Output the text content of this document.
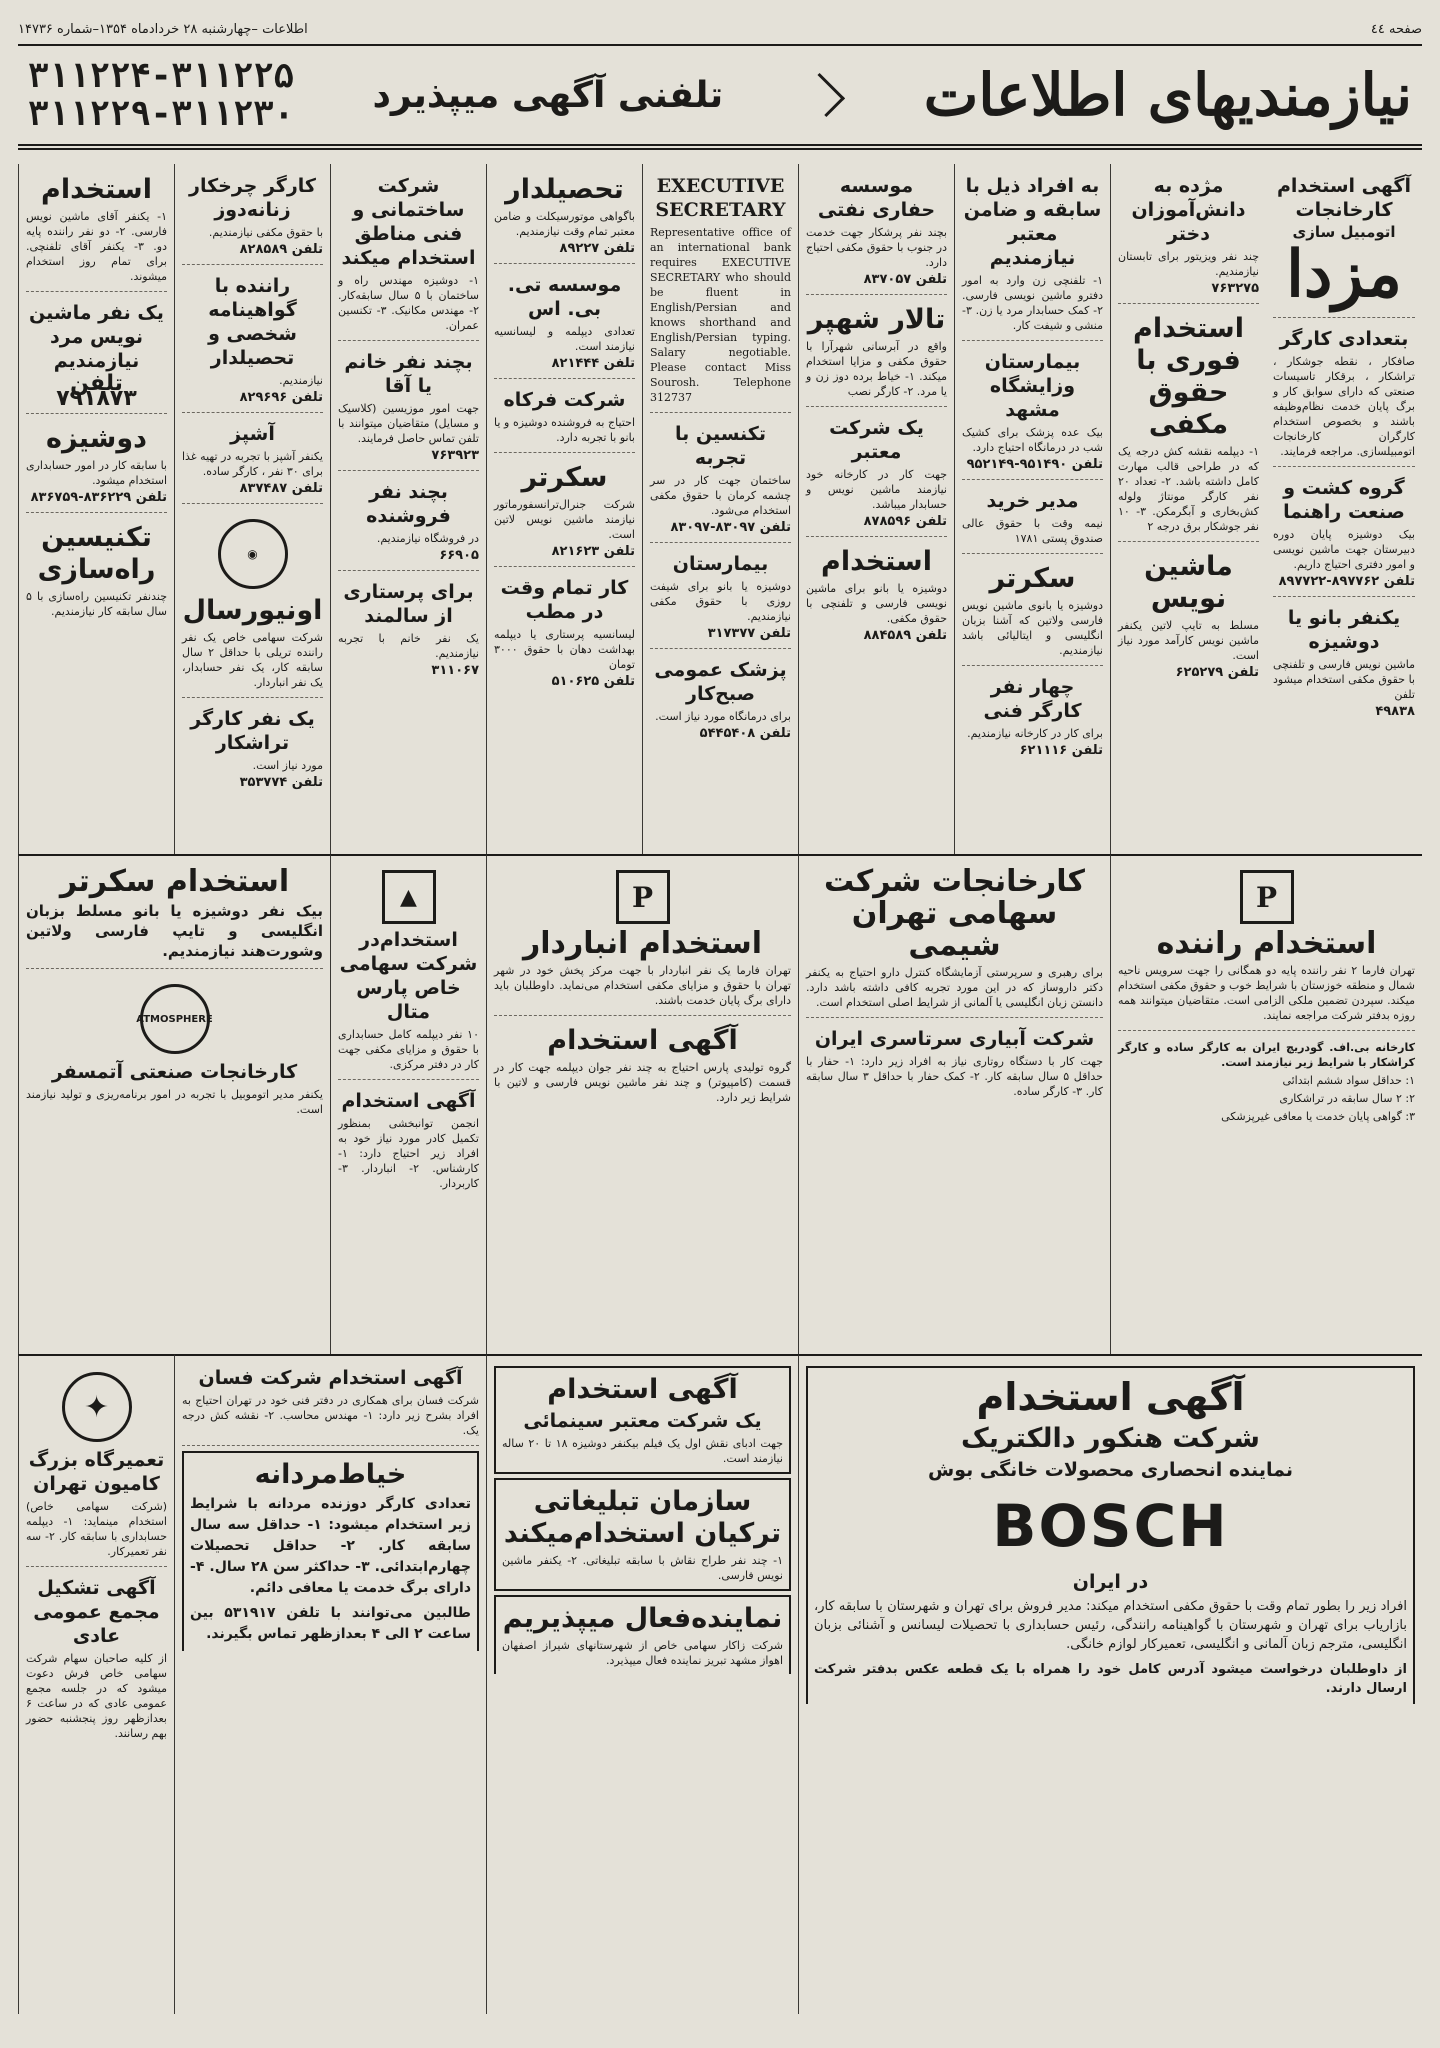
صفحه ٤٤
اطلاعات –چهارشنبه ۲۸ خردادماه ۱۳۵۴–شماره ۱۴۷۳۶
نیازمندیهای اطلاعات
تلفنی آگهی میپذیرد
۳۱۱۲۲۴-۳۱۱۲۲۵
۳۱۱۲۲۹-۳۱۱۲۳۰
آگهی استخدام کارخانجات

اتومبیل سازی

مزدا
بتعدادی کارگر

صافکار ، نقطه جوشکار ، تراشکار ، برقکار تاسیسات صنعتی که دارای سوابق کار و برگ پایان خدمت نظام‌وظیفه باشند و بخصوص استخدام کارگران کارخانجات اتومبیلسازی. مراجعه فرمایند.

گروه کشت و صنعت راهنما

بیک دوشیزه پایان دوره دبیرستان جهت ماشین نویسی و امور دفتری احتیاج داریم.

تلفن ۸۹۷۷۶۲-۸۹۷۷۲۲

یکنفر بانو یا دوشیزه

ماشین نویس فارسی و تلفنچی با حقوق مکفی استخدام میشود تلفن

۴۹۸۳۸

مژده به دانش‌آموزان دختر

چند نفر ویزیتور برای تابستان نیازمندیم.

۷۶۳۲۷۵

استخدام فوری با حقوق مکفی

۱- دیپلمه نقشه کش درجه یک که در طراحی قالب مهارت کامل داشته باشد. ۲- تعداد ۲۰ نفر کارگر مونتاژ ولوله کش‌بخاری و آبگرمکن. ۳- ۱۰ نفر جوشکار برق درجه ۲

ماشین نویس

مسلط به تایپ لاتین یکنفر ماشین نویس کارآمد مورد نیاز است.

تلفن ۶۲۵۲۷۹

به افراد ذیل با سابقه و ضامن معتبر نیازمندیم

۱- تلفنچی زن وارد به امور دفترو ماشین نویسی فارسی. ۲- کمک حسابدار مرد یا زن. ۳- منشی و شیفت کار.

بیمارستان وزایشگاه مشهد

بیک عده پزشک برای کشیک شب در درمانگاه احتیاج دارد.

تلفن ۹۵۱۴۹۰-۹۵۲۱۴۹

مدیر خرید

نیمه وقت با حقوق عالی صندوق پستی ۱۷۸۱

سکرتر

دوشیزه یا بانوی ماشین نویس فارسی ولاتین که آشنا بزبان انگلیسی و ایتالیائی باشد نیازمندیم.

چهار نفر کارگر فنی

برای کار در کارخانه نیازمندیم.

تلفن ۶۲۱۱۱۶

موسسه حفاری نفتی

بچند نفر پرشکار جهت خدمت در جنوب با حقوق مکفی احتیاج دارد.

تلفن ۸۳۷۰۵۷

تالار شهپر

واقع در آبرسانی شهرآرا با حقوق مکفی و مزایا استخدام میکند. ۱- خیاط برده دوز زن و یا مرد. ۲- کارگر نصب

یک شرکت معتبر

جهت کار در کارخانه خود نیازمند ماشین نویس و حسابدار میباشد.

تلفن ۸۷۸۵۹۶

استخدام

دوشیزه یا بانو برای ماشین نویسی فارسی و تلفنچی با حقوق مکفی.

تلفن ۸۸۴۵۸۹

EXECUTIVE SECRETARY

Representative office of an international bank requires EXECUTIVE SECRETARY who should be fluent in English/Persian and knows shorthand and English/Persian typing. Salary negotiable. Please contact Miss Sourosh. Telephone 312737

تکنسین با تجربه

ساختمان جهت کار در سر چشمه کرمان با حقوق مکفی استخدام می‌شود.

تلفن ۸۳۰۹۷-۸۳۰۹۷

بیمارستان

دوشیزه یا بانو برای شیفت روزی با حقوق مکفی نیازمندیم.

تلفن ۳۱۷۳۷۷

پزشک عمومی صبح‌کار

برای درمانگاه مورد نیاز است.

تلفن ۵۴۴۵۴۰۸

تحصیلدار

باگواهی موتورسیکلت و ضامن معتبر تمام وقت نیازمندیم.

تلفن ۸۹۲۲۷

موسسه تی. بی. اس

تعدادی دیپلمه و لیسانسیه نیازمند است.

تلفن ۸۲۱۴۴۴

شرکت فرکاه

احتیاج به فروشنده دوشیزه و یا بانو با تجربه دارد.

سکرتر

شرکت جنرال‌ترانسفورماتور نیازمند ماشین نویس لاتین است.

تلفن ۸۲۱۶۲۳

کار تمام وقت در مطب

لیسانسیه پرستاری یا دیپلمه بهداشت دهان با حقوق ۳۰۰۰ تومان

تلفن ۵۱۰۶۲۵

شرکت ساختمانی و فنی مناطق استخدام میکند

۱- دوشیزه مهندس راه و ساختمان با ۵ سال سابقه‌کار. ۲- مهندس مکانیک. ۳- تکنسین عمران.

بچند نفر خانم یا آقا

جهت امور موزیسین (کلاسیک و مسایل) متقاضیان میتوانند با تلفن تماس حاصل فرمایند.

۷۶۳۹۲۳

بچند نفر فروشنده

در فروشگاه نیازمندیم.

۶۶۹۰۵

برای پرستاری از سالمند

یک نفر خانم با تجربه نیازمندیم.

۳۱۱۰۶۷

کارگر چرخکار زنانه‌دوز

با حقوق مکفی نیازمندیم.

تلفن ۸۲۸۵۸۹

راننده با گواهینامه شخصی و تحصیلدار

نیازمندیم.

تلفن ۸۲۹۶۹۶

آشپز

یکنفر آشپز با تجربه در تهیه غذا برای ۳۰ نفر ، کارگر ساده.

تلفن ۸۳۷۴۸۷

◉
اونیورسال

شرکت سهامی خاص یک نفر راننده تریلی با حداقل ۲ سال سابقه کار، یک نفر حسابدار، یک نفر انباردار.

یک نفر کارگر تراشکار

مورد نیاز است.

تلفن ۳۵۳۷۷۴

استخدام

۱- یکنفر آقای ماشین نویس فارسی. ۲- دو نفر راننده پایه دو. ۳- یکنفر آقای تلفنچی. برای تمام روز استخدام میشوند.

یک نفر ماشین نویس مرد نیازمندیم

تلفن ۷۹۱۸۷۳

دوشیزه

با سابقه کار در امور حسابداری استخدام میشود.

تلفن ۸۳۶۲۲۹-۸۳۶۷۵۹

تکنیسین راه‌سازی

چندنفر تکنیسین راه‌سازی با ۵ سال سابقه کار نیازمندیم.

P
استخدام راننده

تهران فارما ۲ نفر راننده پایه دو همگانی را جهت سرویس ناحیه شمال و منطقه خوزستان با شرایط خوب و حقوق مکفی استخدام میکند. سپردن تضمین ملکی الزامی است. متقاضیان میتوانند همه روزه بدفتر شرکت مراجعه نمایند.

کارخانه بی.اف. گودریچ ایران به کارگر ساده و کارگر کراشکار با شرایط زیر نیازمند است.

۱: حداقل سواد ششم ابتدائی

۲: ۲ سال سابقه در تراشکاری

۳: گواهی پایان خدمت یا معافی غیرپزشکی

کارخانجات شرکت سهامی تهران شیمی

برای رهبری و سرپرستی آزمایشگاه کنترل دارو احتیاج به یکنفر دکتر داروساز که در این مورد تجربه کافی داشته باشد دارد. دانستن زبان انگلیسی یا آلمانی از شرایط اصلی استخدام است.

شرکت آبیاری سرتاسری ایران

جهت کار با دستگاه روتاری نیاز به افراد زیر دارد: ۱- حفار با حداقل ۵ سال سابقه کار. ۲- کمک حفار با حداقل ۳ سال سابقه کار. ۳- کارگر ساده.

P
استخدام انباردار

تهران فارما یک نفر انباردار با جهت مرکز پخش خود در شهر تهران با حقوق و مزایای مکفی استخدام می‌نماید. داوطلبان باید دارای برگ پایان خدمت باشند.

آگهی استخدام

گروه تولیدی پارس احتیاج به چند نفر جوان دیپلمه جهت کار در قسمت (کامپیوتر) و چند نفر ماشین نویس فارسی و لاتین با شرایط زیر دارد.

▲
استخدام‌در شرکت سهامی خاص پارس متال

۱۰ نفر دیپلمه کامل حسابداری با حقوق و مزایای مکفی جهت کار در دفتر مرکزی.

آگهی استخدام

انجمن توانبخشی بمنظور تکمیل کادر مورد نیاز خود به افراد زیر احتیاج دارد: ۱- کارشناس. ۲- انباردار. ۳- کاربردار.

استخدام سکرتر

بیک نفر دوشیزه یا بانو مسلط بزبان انگلیسی و تایپ فارسی ولاتین وشورت‌هند نیازمندیم.

ATMOSPHERE
کارخانجات صنعتی آتمسفر

یکنفر مدیر اتوموبیل با تجربه در امور برنامه‌ریزی و تولید نیازمند است.

آگهی استخدام
شرکت هنکور دالکتریک
نماینده انحصاری محصولات خانگی بوش
BOSCH
در ایران

افراد زیر را بطور تمام وقت با حقوق مکفی استخدام میکند: مدیر فروش برای تهران و شهرستان با سابقه کار، بازاریاب برای تهران و شهرستان با گواهینامه رانندگی، رئیس حسابداری با تحصیلات لیسانس و آشنائی بزبان انگلیسی، مترجم زبان آلمانی و انگلیسی، تعمیرکار لوازم خانگی.

از داوطلبان درخواست میشود آدرس کامل خود را همراه با یک قطعه عکس بدفتر شرکت ارسال دارند.

آگهی استخدام
یک شرکت معتبر سینمائی

جهت ادبای نقش اول یک فیلم بیکنفر دوشیزه ۱۸ تا ۲۰ ساله نیازمند است.

سازمان تبلیغاتی ترکیان استخدام‌میکند

۱- چند نفر طراح نقاش با سابقه تبلیغاتی. ۲- یکنفر ماشین نویس فارسی.

نماینده‌فعال میپذیریم

شرکت زاکار سهامی خاص از شهرستانهای شیراز اصفهان اهواز مشهد تبریز نماینده فعال میپذیرد.

آگهی استخدام شرکت فسان

شرکت فسان برای همکاری در دفتر فنی خود در تهران احتیاج به افراد بشرح زیر دارد: ۱- مهندس محاسب. ۲- نقشه کش درجه یک.

خیاط‌مردانه

تعدادی کارگر دوزنده مردانه با شرایط زیر استخدام میشود: ۱- حداقل سه سال سابقه کار. ۲- حداقل تحصیلات چهارم‌ابتدائی. ۳- حداکثر سن ۲۸ سال. ۴- دارای برگ خدمت یا معافی دائم.

طالبین می‌توانند با تلفن ۵۳۱۹۱۷ بین ساعت ۲ الی ۴ بعدازظهر تماس بگیرند.

✦
تعمیرگاه بزرگ کامیون تهران

(شرکت سهامی خاص) استخدام مینماید: ۱- دیپلمه حسابداری با سابقه کار. ۲- سه نفر تعمیرکار.

آگهی تشکیل مجمع عمومی عادی

از کلیه صاحبان سهام شرکت سهامی خاص فرش دعوت میشود که در جلسه مجمع عمومی عادی که در ساعت ۶ بعدازظهر روز پنجشنبه حضور بهم رسانند.
